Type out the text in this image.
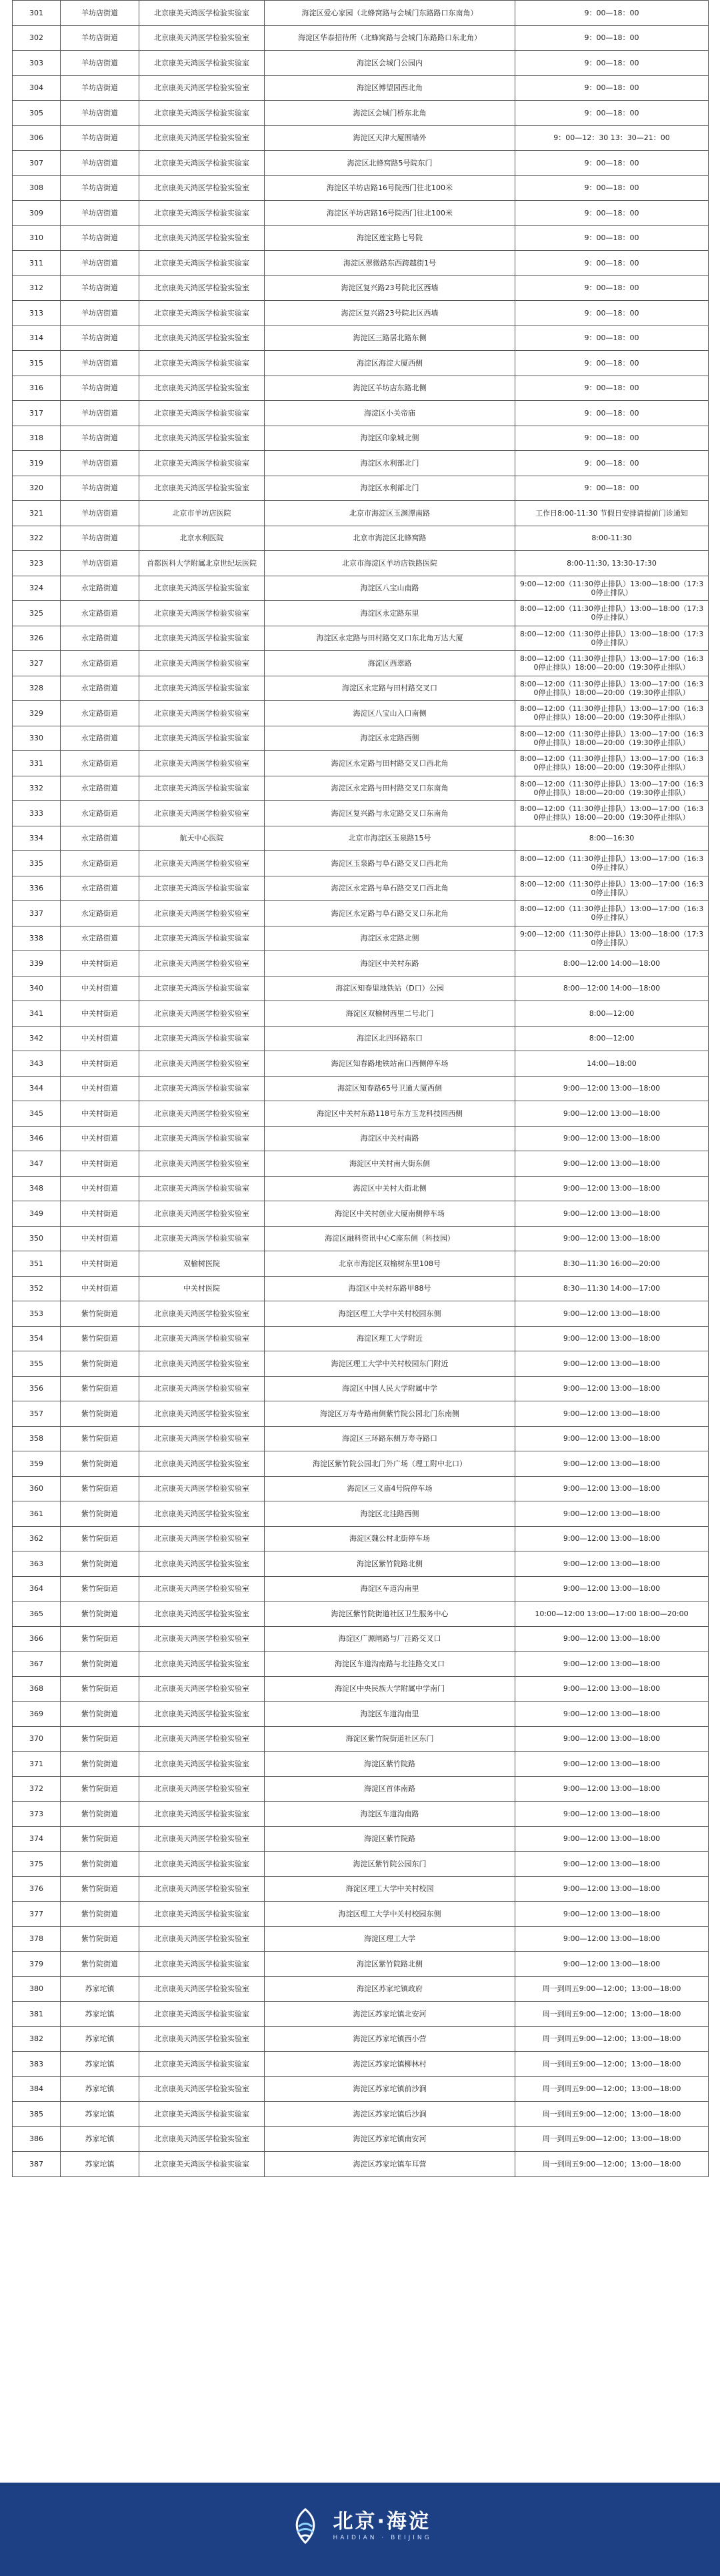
301	羊坊店街道	北京康美天鸿医学检验实验室	海淀区爱心家园（北蜂窝路与会城门东路路口东南角）	9：00—18：00
302	羊坊店街道	北京康美天鸿医学检验实验室	海淀区华泰招待所（北蜂窝路与会城门东路路口东北角）	9：00—18：00
303	羊坊店街道	北京康美天鸿医学检验实验室	海淀区会城门公园内	9：00—18：00
304	羊坊店街道	北京康美天鸿医学检验实验室	海淀区博望园西北角	9：00—18：00
305	羊坊店街道	北京康美天鸿医学检验实验室	海淀区会城门桥东北角	9：00—18：00
306	羊坊店街道	北京康美天鸿医学检验实验室	海淀区天津大厦围墙外	9：00—12：30 13：30—21：00
307	羊坊店街道	北京康美天鸿医学检验实验室	海淀区北蜂窝路5号院东门	9：00—18：00
308	羊坊店街道	北京康美天鸿医学检验实验室	海淀区羊坊店路16号院西门往北100米	9：00—18：00
309	羊坊店街道	北京康美天鸿医学检验实验室	海淀区羊坊店路16号院西门往北100米	9：00—18：00
310	羊坊店街道	北京康美天鸿医学检验实验室	海淀区莲宝路七号院	9：00—18：00
311	羊坊店街道	北京康美天鸿医学检验实验室	海淀区翠微路东西跨越街1号	9：00—18：00
312	羊坊店街道	北京康美天鸿医学检验实验室	海淀区复兴路23号院北区西墙	9：00—18：00
313	羊坊店街道	北京康美天鸿医学检验实验室	海淀区复兴路23号院北区西墙	9：00—18：00
314	羊坊店街道	北京康美天鸿医学检验实验室	海淀区三路居北路东侧	9：00—18：00
315	羊坊店街道	北京康美天鸿医学检验实验室	海淀区海淀大厦西侧	9：00—18：00
316	羊坊店街道	北京康美天鸿医学检验实验室	海淀区羊坊店东路北侧	9：00—18：00
317	羊坊店街道	北京康美天鸿医学检验实验室	海淀区小关帝庙	9：00—18：00
318	羊坊店街道	北京康美天鸿医学检验实验室	海淀区印象城北侧	9：00—18：00
319	羊坊店街道	北京康美天鸿医学检验实验室	海淀区水利部北门	9：00—18：00
320	羊坊店街道	北京康美天鸿医学检验实验室	海淀区水利部北门	9：00—18：00
321	羊坊店街道	北京市羊坊店医院	北京市海淀区玉渊潭南路	工作日8:00-11:30 节假日安排请提前门诊通知
322	羊坊店街道	北京水利医院	北京市海淀区北蜂窝路	8:00-11:30
323	羊坊店街道	首都医科大学附属北京世纪坛医院	北京市海淀区羊坊店铁路医院	8:00-11:30, 13:30-17:30
324	永定路街道	北京康美天鸿医学检验实验室	海淀区八宝山南路	9:00—12:00（11:30停止排队）13:00—18:00（17:30停止排队）
325	永定路街道	北京康美天鸿医学检验实验室	海淀区永定路东里	8:00—12:00（11:30停止排队）13:00—18:00（17:30停止排队）
326	永定路街道	北京康美天鸿医学检验实验室	海淀区永定路与田村路交叉口东北角万达大厦	8:00—12:00（11:30停止排队）13:00—18:00（17:30停止排队）
327	永定路街道	北京康美天鸿医学检验实验室	海淀区西翠路	8:00—12:00（11:30停止排队）13:00—17:00（16:30停止排队）18:00—20:00（19:30停止排队）
328	永定路街道	北京康美天鸿医学检验实验室	海淀区永定路与田村路交叉口	8:00—12:00（11:30停止排队）13:00—17:00（16:30停止排队）18:00—20:00（19:30停止排队）
329	永定路街道	北京康美天鸿医学检验实验室	海淀区八宝山入口南侧	8:00—12:00（11:30停止排队）13:00—17:00（16:30停止排队）18:00—20:00（19:30停止排队）
330	永定路街道	北京康美天鸿医学检验实验室	海淀区永定路西侧	8:00—12:00（11:30停止排队）13:00—17:00（16:30停止排队）18:00—20:00（19:30停止排队）
331	永定路街道	北京康美天鸿医学检验实验室	海淀区永定路与田村路交叉口西北角	8:00—12:00（11:30停止排队）13:00—17:00（16:30停止排队）18:00—20:00（19:30停止排队）
332	永定路街道	北京康美天鸿医学检验实验室	海淀区永定路与田村路交叉口东南角	8:00—12:00（11:30停止排队）13:00—17:00（16:30停止排队）18:00—20:00（19:30停止排队）
333	永定路街道	北京康美天鸿医学检验实验室	海淀区复兴路与永定路交叉口东南角	8:00—12:00（11:30停止排队）13:00—17:00（16:30停止排队）18:00—20:00（19:30停止排队）
334	永定路街道	航天中心医院	北京市海淀区玉泉路15号	8:00—16:30
335	永定路街道	北京康美天鸿医学检验实验室	海淀区玉泉路与阜石路交叉口西北角	8:00—12:00（11:30停止排队）13:00—17:00（16:30停止排队）
336	永定路街道	北京康美天鸿医学检验实验室	海淀区永定路与阜石路交叉口西北角	8:00—12:00（11:30停止排队）13:00—17:00（16:30停止排队）
337	永定路街道	北京康美天鸿医学检验实验室	海淀区永定路与阜石路交叉口东北角	8:00—12:00（11:30停止排队）13:00—17:00（16:30停止排队）
338	永定路街道	北京康美天鸿医学检验实验室	海淀区永定路北侧	9:00—12:00（11:30停止排队）13:00—18:00（17:30停止排队）
339	中关村街道	北京康美天鸿医学检验实验室	海淀区中关村东路	8:00—12:00 14:00—18:00
340	中关村街道	北京康美天鸿医学检验实验室	海淀区知春里地铁站（D口）公园	8:00—12:00 14:00—18:00
341	中关村街道	北京康美天鸿医学检验实验室	海淀区双榆树西里二号北门	8:00—12:00
342	中关村街道	北京康美天鸿医学检验实验室	海淀区北四环路东口	8:00—12:00
343	中关村街道	北京康美天鸿医学检验实验室	海淀区知春路地铁站南口西侧停车场	14:00—18:00
344	中关村街道	北京康美天鸿医学检验实验室	海淀区知春路65号卫通大厦西侧	9:00—12:00 13:00—18:00
345	中关村街道	北京康美天鸿医学检验实验室	海淀区中关村东路118号东方玉龙科技园西侧	9:00—12:00 13:00—18:00
346	中关村街道	北京康美天鸿医学检验实验室	海淀区中关村南路	9:00—12:00 13:00—18:00
347	中关村街道	北京康美天鸿医学检验实验室	海淀区中关村南大街东侧	9:00—12:00 13:00—18:00
348	中关村街道	北京康美天鸿医学检验实验室	海淀区中关村大街北侧	9:00—12:00 13:00—18:00
349	中关村街道	北京康美天鸿医学检验实验室	海淀区中关村创业大厦南侧停车场	9:00—12:00 13:00—18:00
350	中关村街道	北京康美天鸿医学检验实验室	海淀区融科资讯中心C座东侧（科技园）	9:00—12:00 13:00—18:00
351	中关村街道	双榆树医院	北京市海淀区双榆树东里108号	8:30—11:30 16:00—20:00
352	中关村街道	中关村医院	海淀区中关村东路甲88号	8:30—11:30 14:00—17:00
353	紫竹院街道	北京康美天鸿医学检验实验室	海淀区理工大学中关村校园东侧	9:00—12:00 13:00—18:00
354	紫竹院街道	北京康美天鸿医学检验实验室	海淀区理工大学附近	9:00—12:00 13:00—18:00
355	紫竹院街道	北京康美天鸿医学检验实验室	海淀区理工大学中关村校园东门附近	9:00—12:00 13:00—18:00
356	紫竹院街道	北京康美天鸿医学检验实验室	海淀区中国人民大学附属中学	9:00—12:00 13:00—18:00
357	紫竹院街道	北京康美天鸿医学检验实验室	海淀区万寿寺路南侧紫竹院公园北门东南侧	9:00—12:00 13:00—18:00
358	紫竹院街道	北京康美天鸿医学检验实验室	海淀区三环路东侧万寿寺路口	9:00—12:00 13:00—18:00
359	紫竹院街道	北京康美天鸿医学检验实验室	海淀区紫竹院公园北门外广场（理工附中北口）	9:00—12:00 13:00—18:00
360	紫竹院街道	北京康美天鸿医学检验实验室	海淀区三义庙4号院停车场	9:00—12:00 13:00—18:00
361	紫竹院街道	北京康美天鸿医学检验实验室	海淀区北洼路西侧	9:00—12:00 13:00—18:00
362	紫竹院街道	北京康美天鸿医学检验实验室	海淀区魏公村北街停车场	9:00—12:00 13:00—18:00
363	紫竹院街道	北京康美天鸿医学检验实验室	海淀区紫竹院路北侧	9:00—12:00 13:00—18:00
364	紫竹院街道	北京康美天鸿医学检验实验室	海淀区车道沟南里	9:00—12:00 13:00—18:00
365	紫竹院街道	北京康美天鸿医学检验实验室	海淀区紫竹院街道社区卫生服务中心	10:00—12:00 13:00—17:00 18:00—20:00
366	紫竹院街道	北京康美天鸿医学检验实验室	海淀区广源闸路与厂洼路交叉口	9:00—12:00 13:00—18:00
367	紫竹院街道	北京康美天鸿医学检验实验室	海淀区车道沟南路与北洼路交叉口	9:00—12:00 13:00—18:00
368	紫竹院街道	北京康美天鸿医学检验实验室	海淀区中央民族大学附属中学南门	9:00—12:00 13:00—18:00
369	紫竹院街道	北京康美天鸿医学检验实验室	海淀区车道沟南里	9:00—12:00 13:00—18:00
370	紫竹院街道	北京康美天鸿医学检验实验室	海淀区紫竹院街道社区东门	9:00—12:00 13:00—18:00
371	紫竹院街道	北京康美天鸿医学检验实验室	海淀区紫竹院路	9:00—12:00 13:00—18:00
372	紫竹院街道	北京康美天鸿医学检验实验室	海淀区首体南路	9:00—12:00 13:00—18:00
373	紫竹院街道	北京康美天鸿医学检验实验室	海淀区车道沟南路	9:00—12:00 13:00—18:00
374	紫竹院街道	北京康美天鸿医学检验实验室	海淀区紫竹院路	9:00—12:00 13:00—18:00
375	紫竹院街道	北京康美天鸿医学检验实验室	海淀区紫竹院公园东门	9:00—12:00 13:00—18:00
376	紫竹院街道	北京康美天鸿医学检验实验室	海淀区理工大学中关村校园	9:00—12:00 13:00—18:00
377	紫竹院街道	北京康美天鸿医学检验实验室	海淀区理工大学中关村校园东侧	9:00—12:00 13:00—18:00
378	紫竹院街道	北京康美天鸿医学检验实验室	海淀区理工大学	9:00—12:00 13:00—18:00
379	紫竹院街道	北京康美天鸿医学检验实验室	海淀区紫竹院路北侧	9:00—12:00 13:00—18:00
380	苏家坨镇	北京康美天鸿医学检验实验室	海淀区苏家坨镇政府	周一到周五9:00—12:00；13:00—18:00
381	苏家坨镇	北京康美天鸿医学检验实验室	海淀区苏家坨镇北安河	周一到周五9:00—12:00；13:00—18:00
382	苏家坨镇	北京康美天鸿医学检验实验室	海淀区苏家坨镇西小营	周一到周五9:00—12:00；13:00—18:00
383	苏家坨镇	北京康美天鸿医学检验实验室	海淀区苏家坨镇柳林村	周一到周五9:00—12:00；13:00—18:00
384	苏家坨镇	北京康美天鸿医学检验实验室	海淀区苏家坨镇前沙涧	周一到周五9:00—12:00；13:00—18:00
385	苏家坨镇	北京康美天鸿医学检验实验室	海淀区苏家坨镇后沙涧	周一到周五9:00—12:00；13:00—18:00
386	苏家坨镇	北京康美天鸿医学检验实验室	海淀区苏家坨镇南安河	周一到周五9:00—12:00；13:00—18:00
387	苏家坨镇	北京康美天鸿医学检验实验室	海淀区苏家坨镇车耳营	周一到周五9:00—12:00；13:00—18:00

北京·海淀
HAIDIAN · BEIJING
